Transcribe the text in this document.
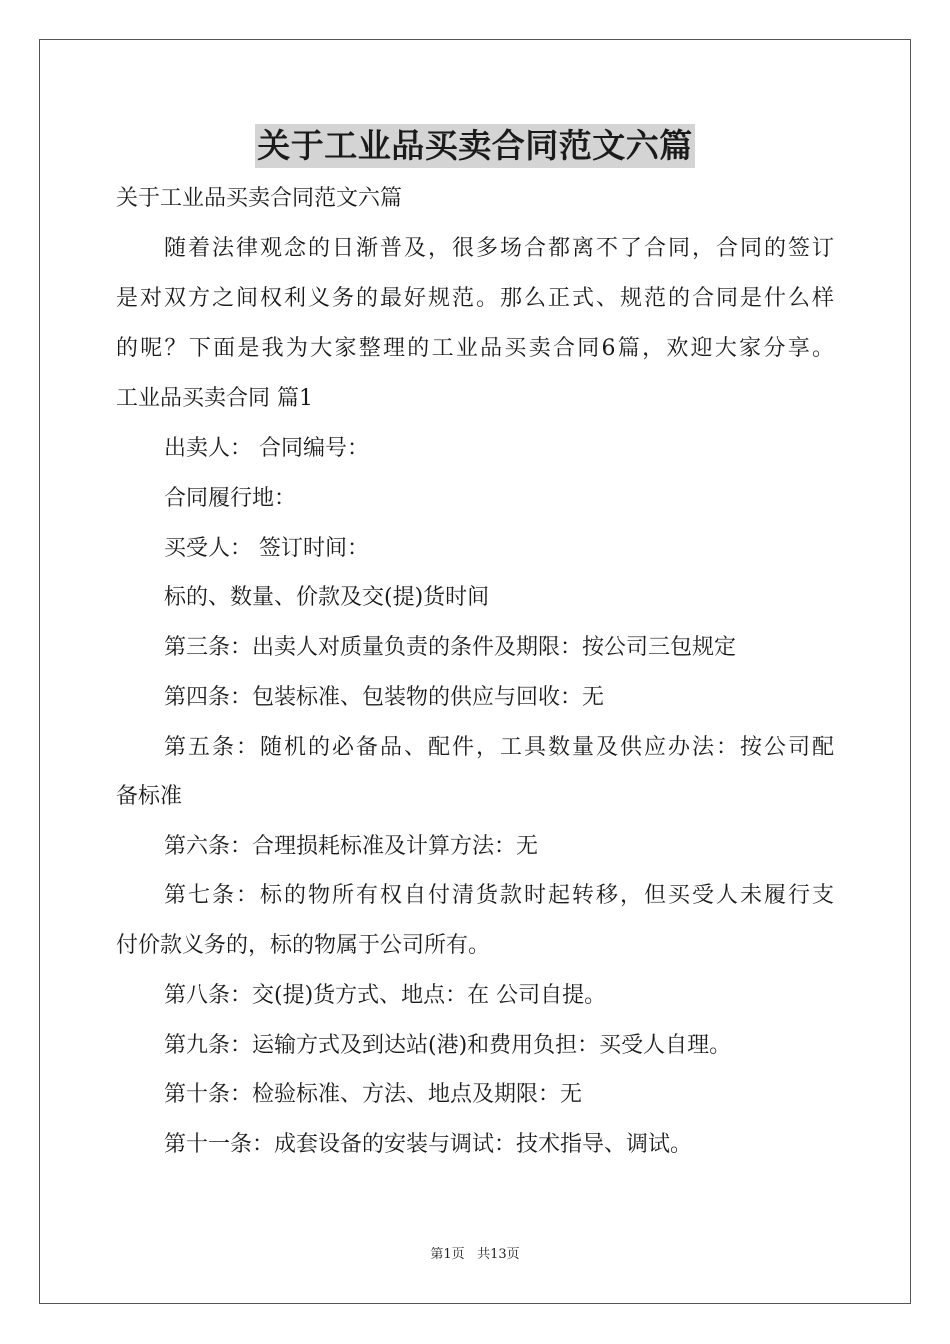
关于工业品买卖合同范文六篇
关于工业品买卖合同范文六篇
随着法律观念的日渐普及，很多场合都离不了合同，合同的签订
是对双方之间权利义务的最好规范。那么正式、规范的合同是什么样
的呢？下面是我为大家整理的工业品买卖合同6篇，欢迎大家分享。
工业品买卖合同 篇1
出卖人： 合同编号：
合同履行地：
买受人： 签订时间：
标的、数量、价款及交(提)货时间
第三条：出卖人对质量负责的条件及期限：按公司三包规定
第四条：包装标准、包装物的供应与回收：无
第五条：随机的必备品、配件，工具数量及供应办法：按公司配
备标准
第六条：合理损耗标准及计算方法：无
第七条：标的物所有权自付清货款时起转移，但买受人未履行支
付价款义务的，标的物属于公司所有。
第八条：交(提)货方式、地点：在 公司自提。
第九条：运输方式及到达站(港)和费用负担：买受人自理。
第十条：检验标准、方法、地点及期限：无
第十一条：成套设备的安装与调试：技术指导、调试。
第1页 共13页
